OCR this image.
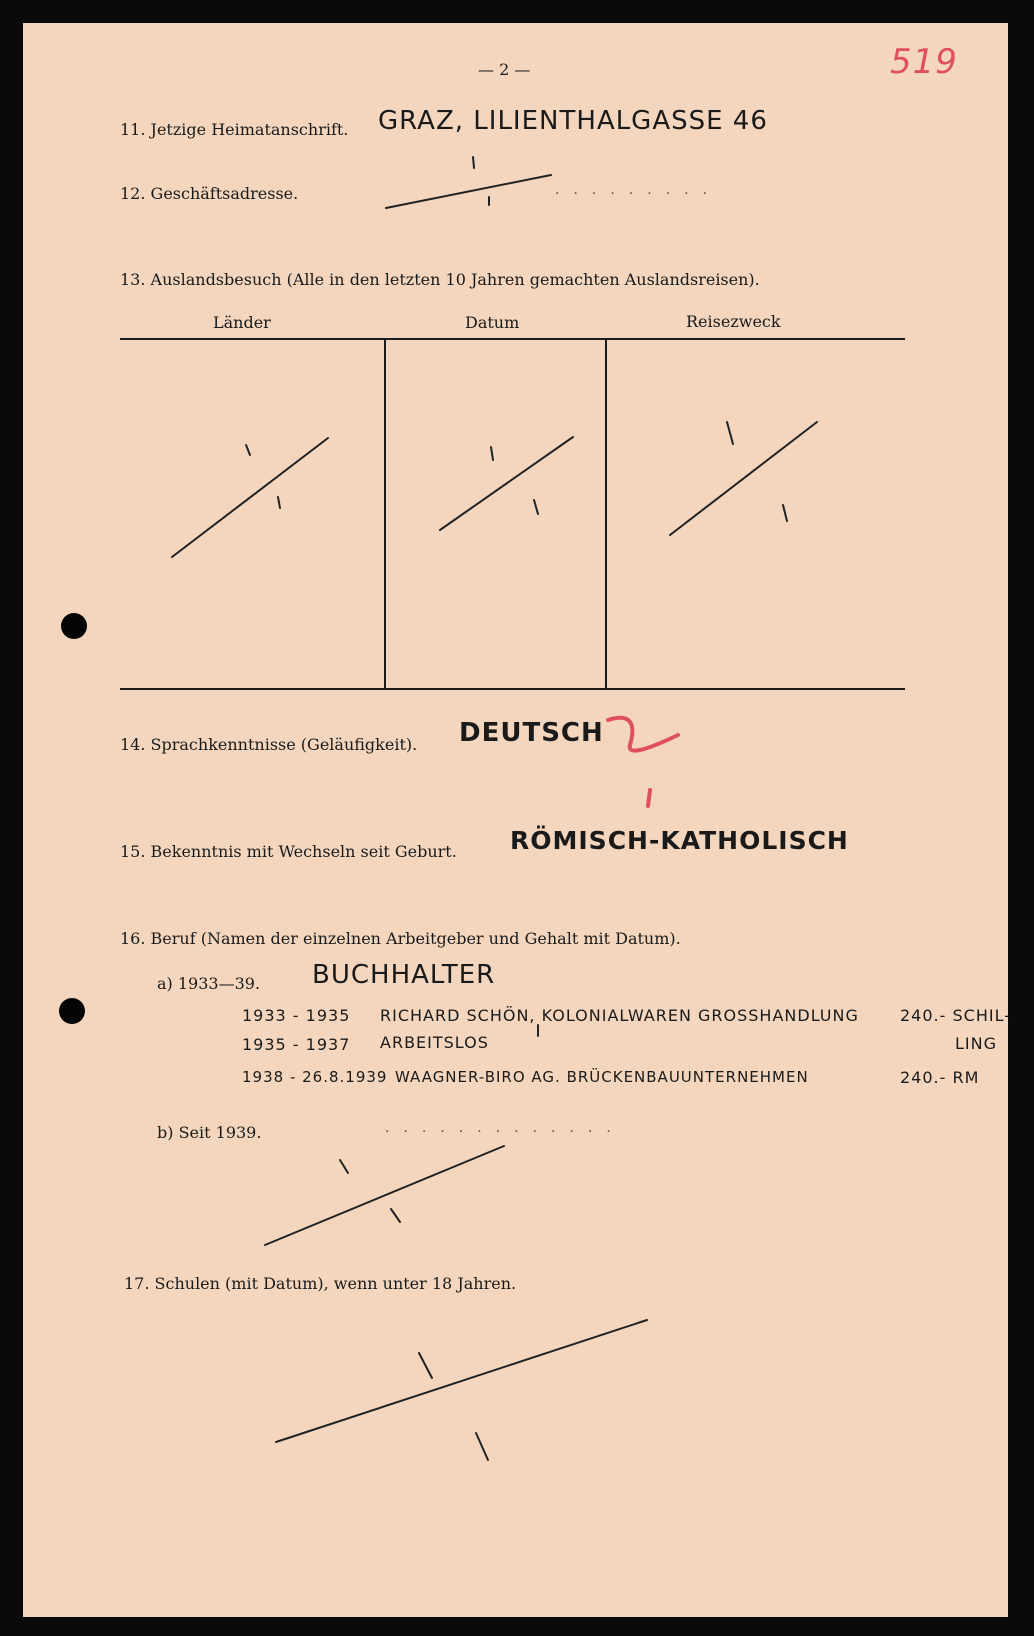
— 2 —	519
11. Jetzige Heimatanschrift. GRAZ, LILIENTHALGASSE 46
12. Geschäftsadresse.	·········
13. Auslandsbesuch (Alle in den letzten 10 Jahren gemachten Auslandsreisen).
Länder	Datum	Reisezweck
14. Sprachkenntnisse (Geläufigkeit). DEUTSCH
15. Bekenntnis mit Wechseln seit Geburt. RÖMISCH-KATHOLISCH
16. Beruf (Namen der einzelnen Arbeitgeber und Gehalt mit Datum).
a) 1933—39. BUCHHALTER
1933 - 1935 RICHARD SCHÖN, KOLONIALWAREN GROSSHANDLUNG	240.- SCHIL-
1935 - 1937 ARBEITSLOS	LING
1938 - 26.8.1939 WAAGNER-BIRO AG. BRÜCKENBAUUNTERNEHMEN	240.- RM
b) Seit 1939.	·············
17. Schulen (mit Datum), wenn unter 18 Jahren.
